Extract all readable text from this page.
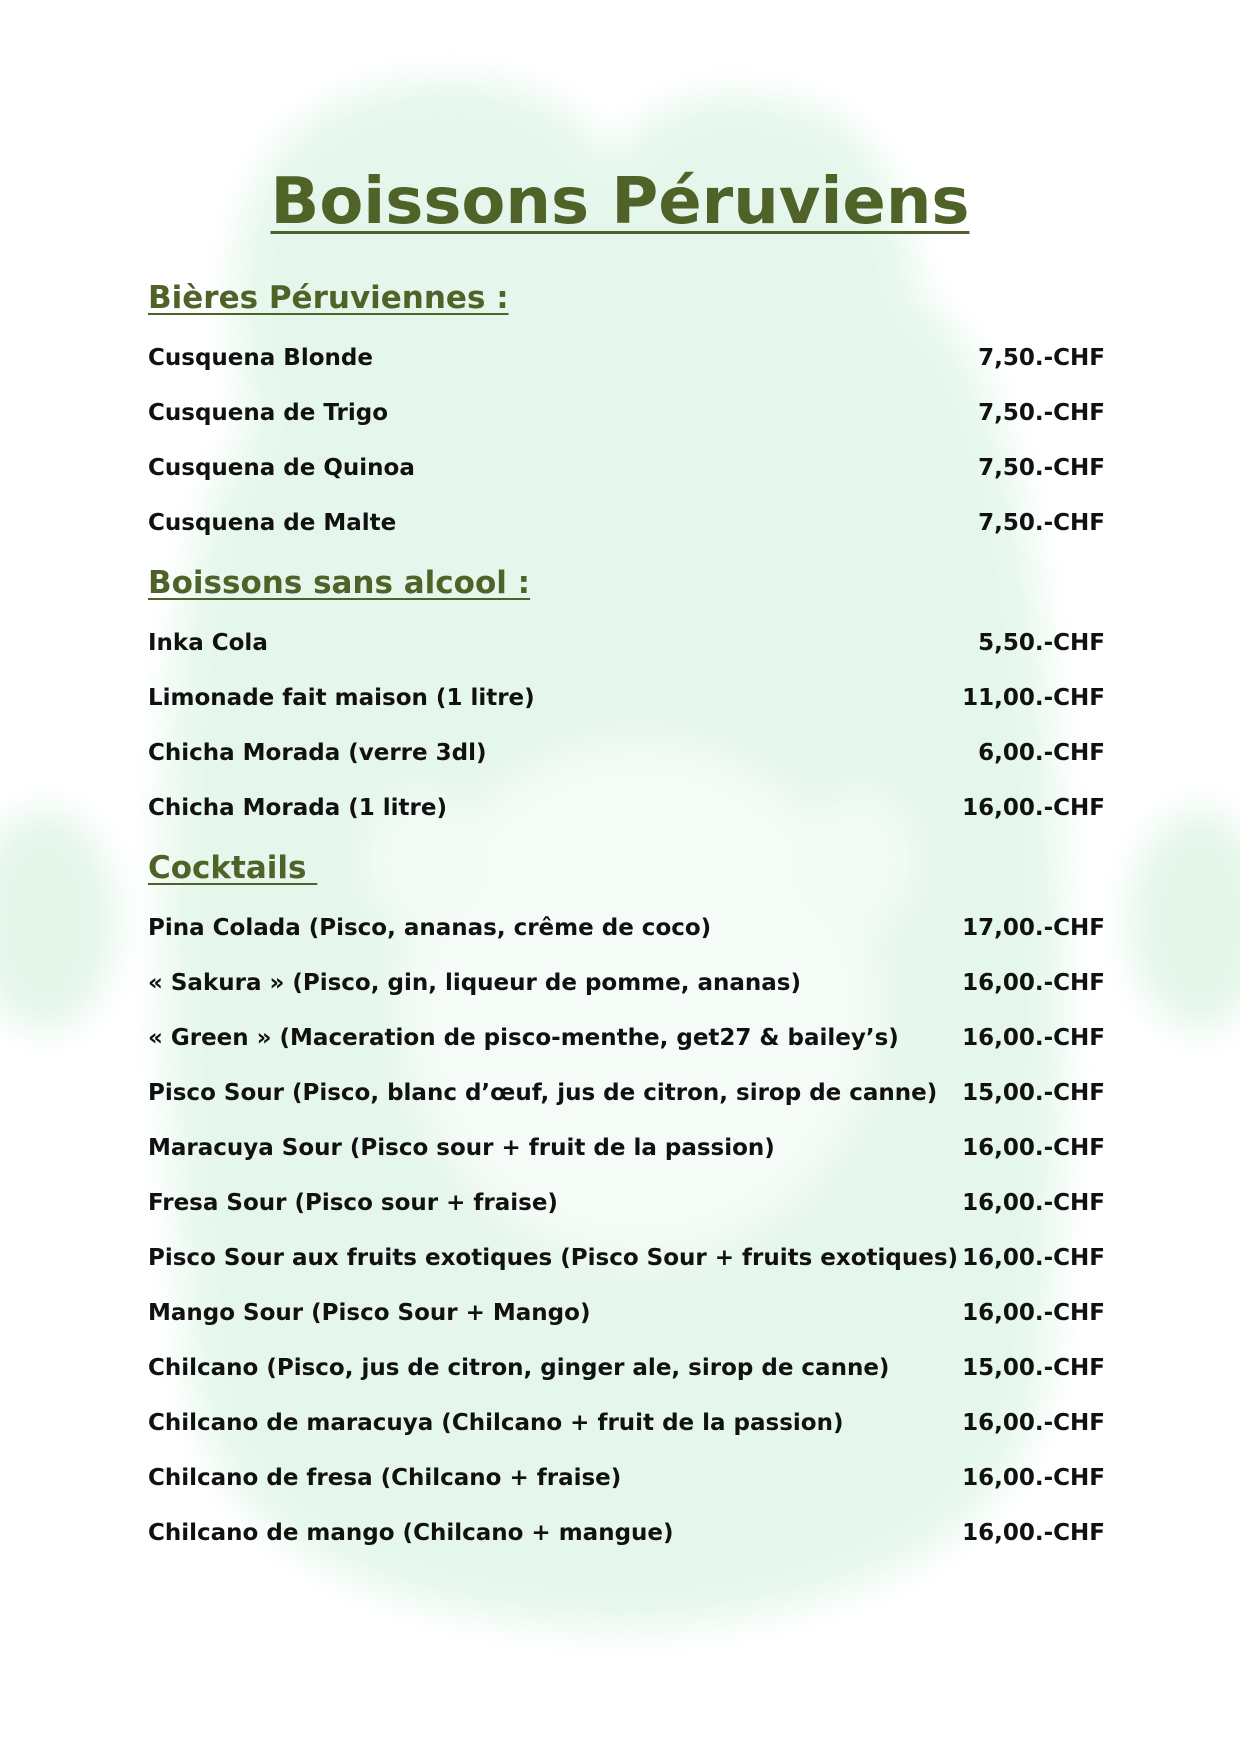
Boissons Péruviens
Bières Péruviennes :
Cusquena Blonde	7,50.-CHF
Cusquena de Trigo	7,50.-CHF
Cusquena de Quinoa	7,50.-CHF
Cusquena de Malte	7,50.-CHF
Boissons sans alcool :
Inka Cola	5,50.-CHF
Limonade fait maison (1 litre)	11,00.-CHF
Chicha Morada (verre 3dl)	6,00.-CHF
Chicha Morada (1 litre)	16,00.-CHF
Cocktails
Pina Colada (Pisco, ananas, crême de coco)	17,00.-CHF
« Sakura » (Pisco, gin, liqueur de pomme, ananas)	16,00.-CHF
« Green » (Maceration de pisco-menthe, get27 & bailey’s)	16,00.-CHF
Pisco Sour (Pisco, blanc d’œuf, jus de citron, sirop de canne) 15,00.-CHF
Maracuya Sour (Pisco sour + fruit de la passion)	16,00.-CHF
Fresa Sour (Pisco sour + fraise)	16,00.-CHF
Pisco Sour aux fruits exotiques (Pisco Sour + fruits exotiques) 16,00.-CHF
Mango Sour (Pisco Sour + Mango)	16,00.-CHF
Chilcano (Pisco, jus de citron, ginger ale, sirop de canne)	15,00.-CHF
Chilcano de maracuya (Chilcano + fruit de la passion)	16,00.-CHF
Chilcano de fresa (Chilcano + fraise)	16,00.-CHF
Chilcano de mango (Chilcano + mangue)	16,00.-CHF
